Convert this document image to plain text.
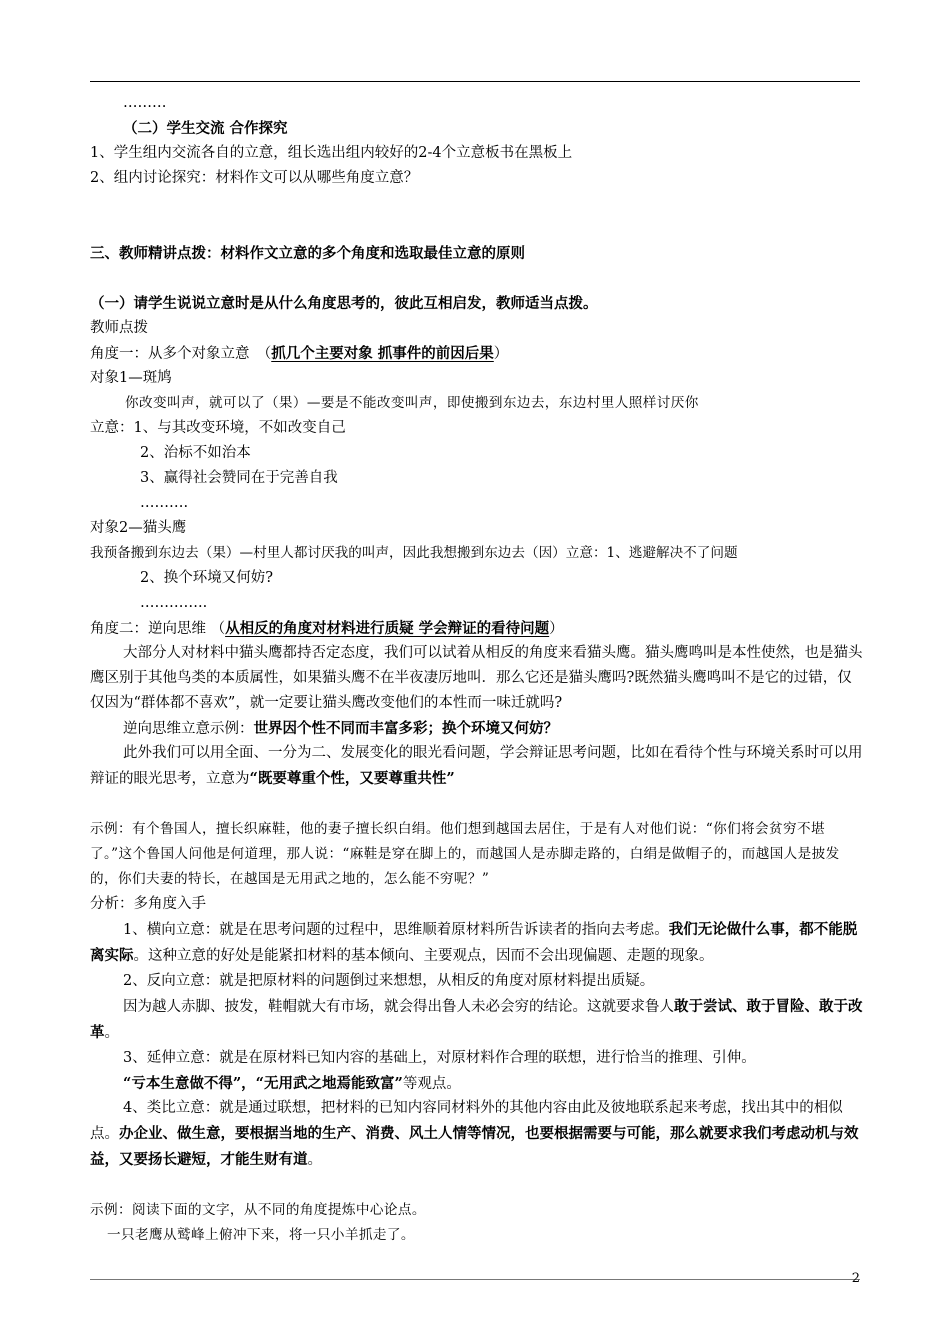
………
（二）学生交流 合作探究
1、学生组内交流各自的立意，组长选出组内较好的2-4个立意板书在黑板上
2、组内讨论探究：材料作文可以从哪些角度立意？
三、教师精讲点拨：材料作文立意的多个角度和选取最佳立意的原则
（一）请学生说说立意时是从什么角度思考的，彼此互相启发，教师适当点拨。
教师点拨
角度一：从多个对象立意　（抓几个主要对象 抓事件的前因后果）
对象1—斑鸠
你改变叫声，就可以了（果）—要是不能改变叫声，即使搬到东边去，东边村里人照样讨厌你
立意：1、与其改变环境，不如改变自己
2、治标不如治本
3、赢得社会赞同在于完善自我
……….
对象2—猫头鹰
我预备搬到东边去（果）—村里人都讨厌我的叫声，因此我想搬到东边去（因）立意：1、逃避解决不了问题
2、换个环境又何妨?
…………..
角度二：逆向思维 （从相反的角度对材料进行质疑 学会辩证的看待问题）
大部分人对材料中猫头鹰都持否定态度，我们可以试着从相反的角度来看猫头鹰。猫头鹰鸣叫是本性使然，也是猫头鹰区别于其他鸟类的本质属性，如果猫头鹰不在半夜凄厉地叫．那么它还是猫头鹰吗?既然猫头鹰鸣叫不是它的过错，仅仅因为“群体都不喜欢”，就一定要让猫头鹰改变他们的本性而一味迁就吗?
逆向思维立意示例：世界因个性不同而丰富多彩；换个环境又何妨？
此外我们可以用全面、一分为二、发展变化的眼光看问题，学会辩证思考问题，比如在看待个性与环境关系时可以用辩证的眼光思考，立意为“既要尊重个性，又要尊重共性”
示例：有个鲁国人，擅长织麻鞋，他的妻子擅长织白绢。他们想到越国去居住，于是有人对他们说：“你们将会贫穷不堪了。”这个鲁国人问他是何道理，那人说：“麻鞋是穿在脚上的，而越国人是赤脚走路的，白绢是做帽子的，而越国人是披发的，你们夫妻的特长，在越国是无用武之地的，怎么能不穷呢？”
分析：多角度入手
1、横向立意：就是在思考问题的过程中，思维顺着原材料所告诉读者的指向去考虑。我们无论做什么事，都不能脱离实际。这种立意的好处是能紧扣材料的基本倾向、主要观点，因而不会出现偏题、走题的现象。
2、反向立意：就是把原材料的问题倒过来想想，从相反的角度对原材料提出质疑。
因为越人赤脚、披发，鞋帽就大有市场，就会得出鲁人未必会穷的结论。这就要求鲁人敢于尝试、敢于冒险、敢于改革。
3、延伸立意：就是在原材料已知内容的基础上，对原材料作合理的联想，进行恰当的推理、引伸。
“亏本生意做不得”，“无用武之地焉能致富”等观点。
4、类比立意：就是通过联想，把材料的已知内容同材料外的其他内容由此及彼地联系起来考虑，找出其中的相似点。办企业、做生意，要根据当地的生产、消费、风土人情等情况，也要根据需要与可能，那么就要求我们考虑动机与效益，又要扬长避短，才能生财有道。
示例：阅读下面的文字，从不同的角度提炼中心论点。
一只老鹰从鹫峰上俯冲下来，将一只小羊抓走了。
2
